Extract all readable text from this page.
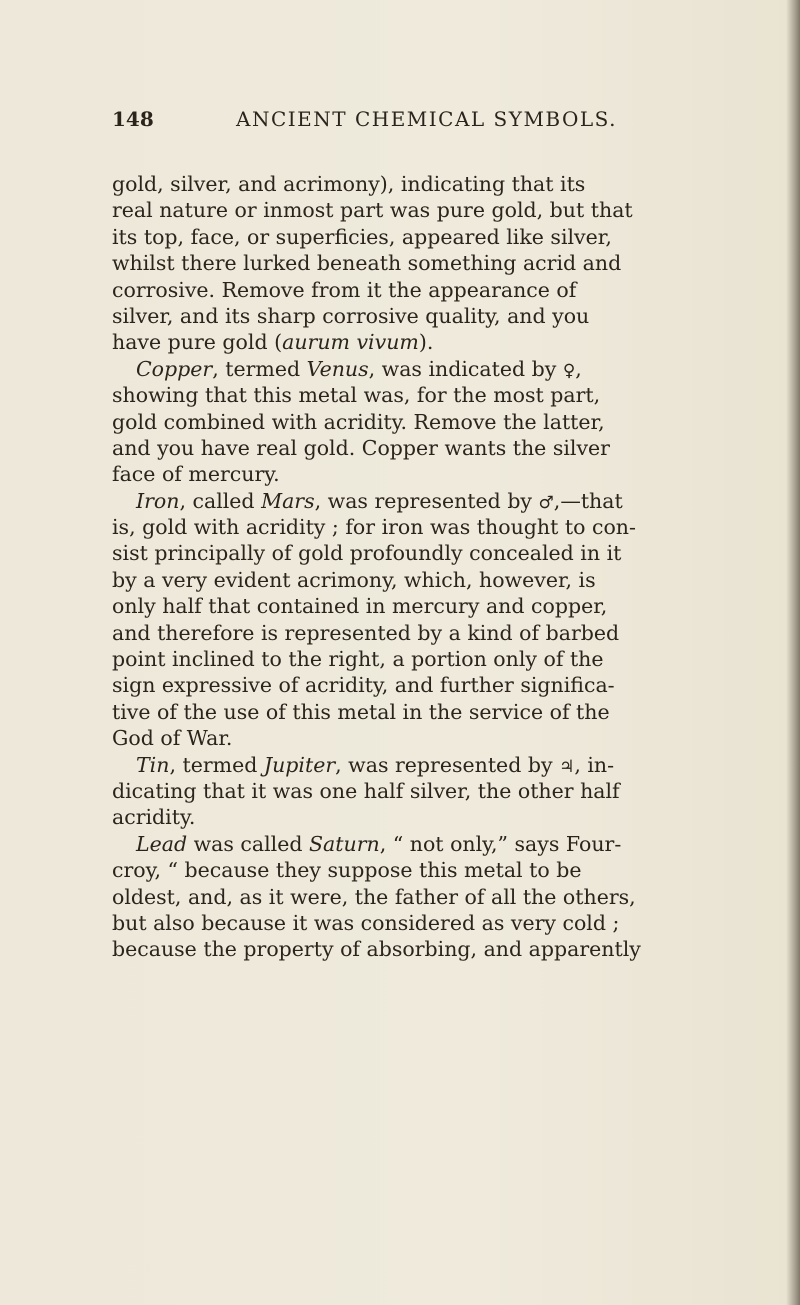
148	ANCIENT CHEMICAL SYMBOLS.
gold, silver, and acrimony), indicating that its
real nature or inmost part was pure gold, but that
its top, face, or superficies, appeared like silver,
whilst there lurked beneath something acrid and
corrosive. Remove from it the appearance of
silver, and its sharp corrosive quality, and you
have pure gold (aurum vivum).
Copper, termed Venus, was indicated by ♀,
showing that this metal was, for the most part,
gold combined with acridity. Remove the latter,
and you have real gold. Copper wants the silver
face of mercury.
Iron, called Mars, was represented by ♂,—that
is, gold with acridity ; for iron was thought to con-
sist principally of gold profoundly concealed in it
by a very evident acrimony, which, however, is
only half that contained in mercury and copper,
and therefore is represented by a kind of barbed
point inclined to the right, a portion only of the
sign expressive of acridity, and further significa-
tive of the use of this metal in the service of the
God of War.
Tin, termed Jupiter, was represented by ♃, in-
dicating that it was one half silver, the other half
acridity.
Lead was called Saturn, “ not only,” says Four-
croy, “ because they suppose this metal to be
oldest, and, as it were, the father of all the others,
but also because it was considered as very cold ;
because the property of absorbing, and apparently
